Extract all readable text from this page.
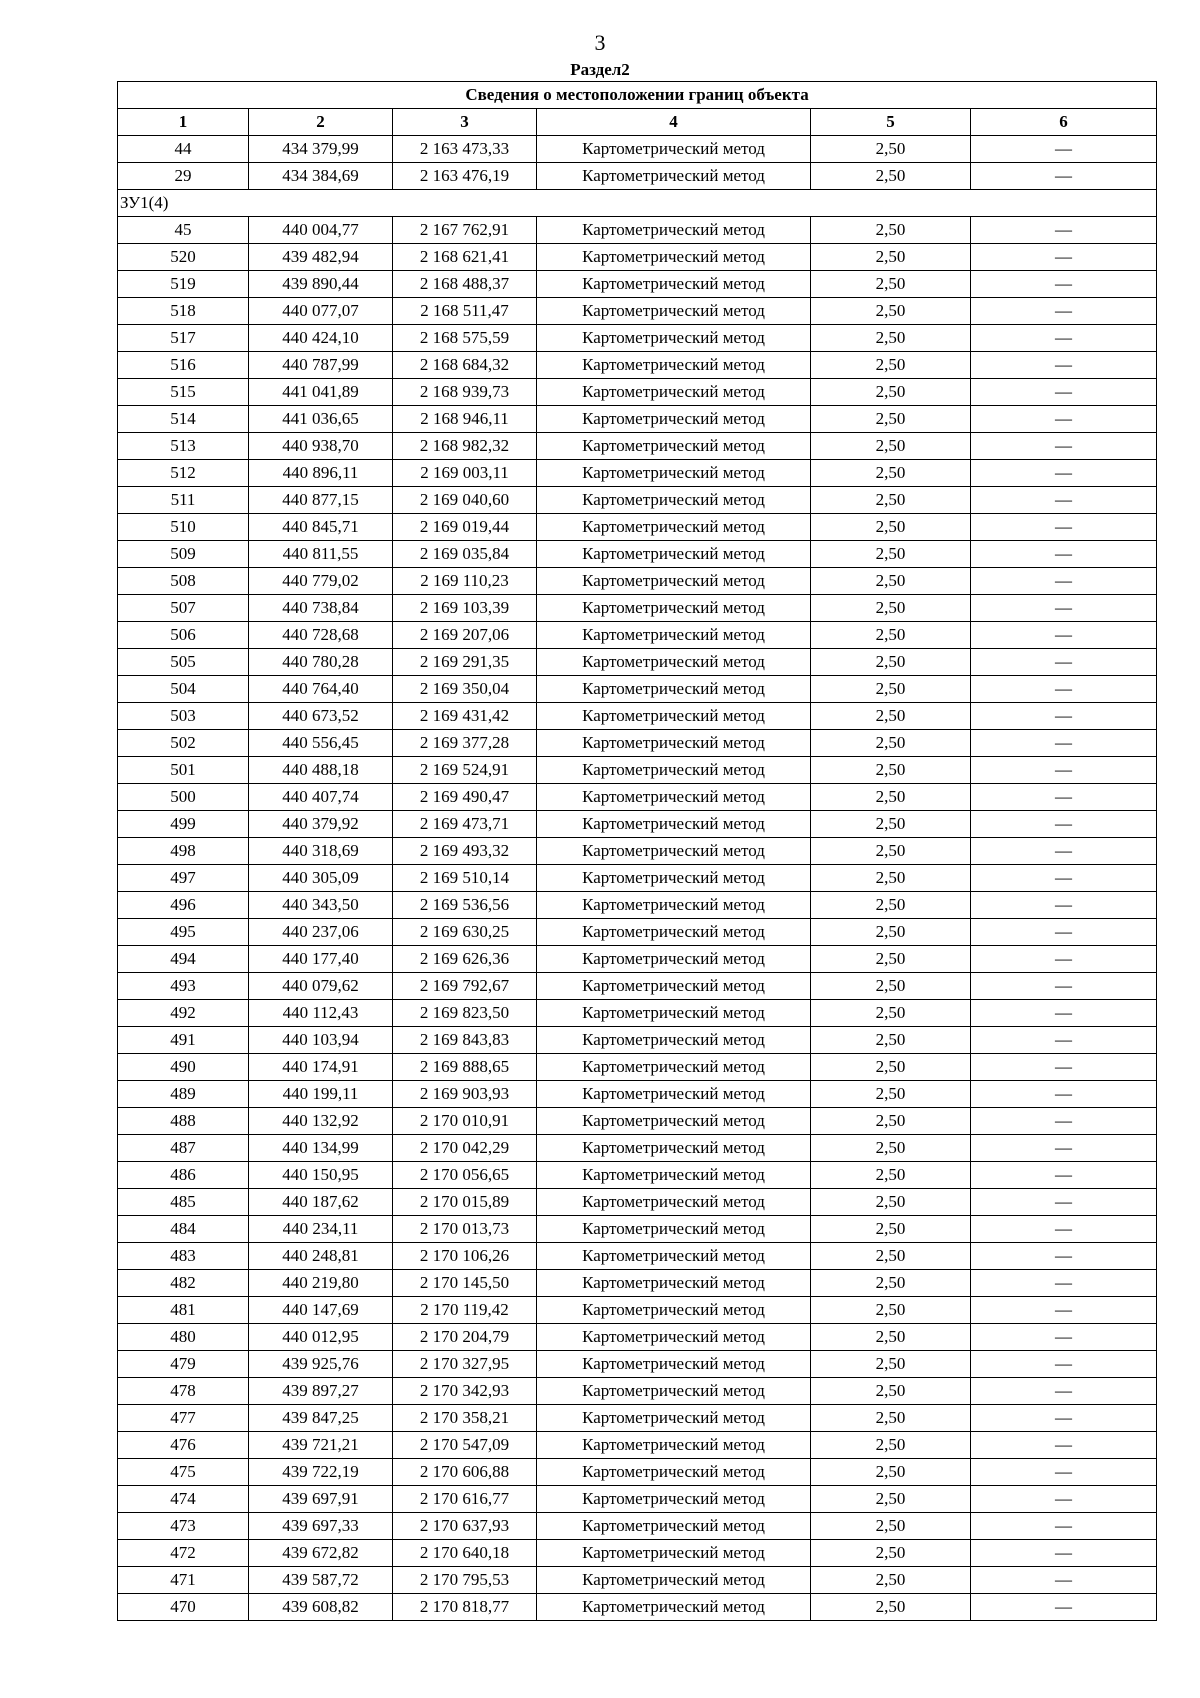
3
Раздел2
Сведения о местоположении границ объекта					
1	2	3	4	5	6
44	434 379,99	2 163 473,33	Картометрический метод	2,50	—
29	434 384,69	2 163 476,19	Картометрический метод	2,50	—
ЗУ1(4)					
45	440 004,77	2 167 762,91	Картометрический метод	2,50	—
520	439 482,94	2 168 621,41	Картометрический метод	2,50	—
519	439 890,44	2 168 488,37	Картометрический метод	2,50	—
518	440 077,07	2 168 511,47	Картометрический метод	2,50	—
517	440 424,10	2 168 575,59	Картометрический метод	2,50	—
516	440 787,99	2 168 684,32	Картометрический метод	2,50	—
515	441 041,89	2 168 939,73	Картометрический метод	2,50	—
514	441 036,65	2 168 946,11	Картометрический метод	2,50	—
513	440 938,70	2 168 982,32	Картометрический метод	2,50	—
512	440 896,11	2 169 003,11	Картометрический метод	2,50	—
511	440 877,15	2 169 040,60	Картометрический метод	2,50	—
510	440 845,71	2 169 019,44	Картометрический метод	2,50	—
509	440 811,55	2 169 035,84	Картометрический метод	2,50	—
508	440 779,02	2 169 110,23	Картометрический метод	2,50	—
507	440 738,84	2 169 103,39	Картометрический метод	2,50	—
506	440 728,68	2 169 207,06	Картометрический метод	2,50	—
505	440 780,28	2 169 291,35	Картометрический метод	2,50	—
504	440 764,40	2 169 350,04	Картометрический метод	2,50	—
503	440 673,52	2 169 431,42	Картометрический метод	2,50	—
502	440 556,45	2 169 377,28	Картометрический метод	2,50	—
501	440 488,18	2 169 524,91	Картометрический метод	2,50	—
500	440 407,74	2 169 490,47	Картометрический метод	2,50	—
499	440 379,92	2 169 473,71	Картометрический метод	2,50	—
498	440 318,69	2 169 493,32	Картометрический метод	2,50	—
497	440 305,09	2 169 510,14	Картометрический метод	2,50	—
496	440 343,50	2 169 536,56	Картометрический метод	2,50	—
495	440 237,06	2 169 630,25	Картометрический метод	2,50	—
494	440 177,40	2 169 626,36	Картометрический метод	2,50	—
493	440 079,62	2 169 792,67	Картометрический метод	2,50	—
492	440 112,43	2 169 823,50	Картометрический метод	2,50	—
491	440 103,94	2 169 843,83	Картометрический метод	2,50	—
490	440 174,91	2 169 888,65	Картометрический метод	2,50	—
489	440 199,11	2 169 903,93	Картометрический метод	2,50	—
488	440 132,92	2 170 010,91	Картометрический метод	2,50	—
487	440 134,99	2 170 042,29	Картометрический метод	2,50	—
486	440 150,95	2 170 056,65	Картометрический метод	2,50	—
485	440 187,62	2 170 015,89	Картометрический метод	2,50	—
484	440 234,11	2 170 013,73	Картометрический метод	2,50	—
483	440 248,81	2 170 106,26	Картометрический метод	2,50	—
482	440 219,80	2 170 145,50	Картометрический метод	2,50	—
481	440 147,69	2 170 119,42	Картометрический метод	2,50	—
480	440 012,95	2 170 204,79	Картометрический метод	2,50	—
479	439 925,76	2 170 327,95	Картометрический метод	2,50	—
478	439 897,27	2 170 342,93	Картометрический метод	2,50	—
477	439 847,25	2 170 358,21	Картометрический метод	2,50	—
476	439 721,21	2 170 547,09	Картометрический метод	2,50	—
475	439 722,19	2 170 606,88	Картометрический метод	2,50	—
474	439 697,91	2 170 616,77	Картометрический метод	2,50	—
473	439 697,33	2 170 637,93	Картометрический метод	2,50	—
472	439 672,82	2 170 640,18	Картометрический метод	2,50	—
471	439 587,72	2 170 795,53	Картометрический метод	2,50	—
470	439 608,82	2 170 818,77	Картометрический метод	2,50	—
